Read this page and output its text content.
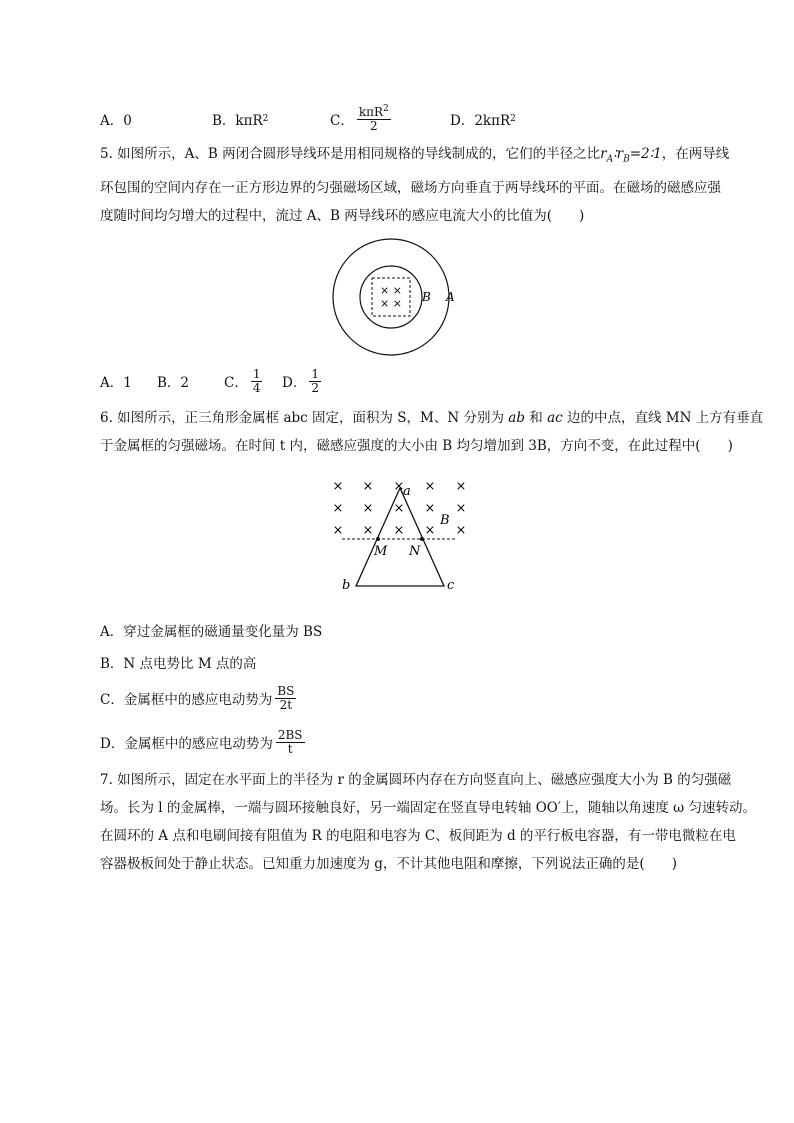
A．0	B．kπR 2	C． $\frac{k\pi R^2}{2}$	D．2kπR 2
5. 如图所示，A、B 两闭合圆形导线环是用相同规格的导线制成的，它们的半径之比$r_A∶r_B=2∶1$，在两导线
环包围的空间内存在一正方形边界的匀强磁场区域，磁场方向垂直于两导线环的平面。在磁场的磁感应强
度随时间均匀增大的过程中，流过 A、B 两导线环的感应电流大小的比值为(　　)
× ×
× × B A
A．1 B．2	C． $\frac{1}{4}$ D． $\frac{1}{2}$
6. 如图所示，正三角形金属框 abc 固定，面积为 S，M、N 分别为 ab 和 ac 边的中点，直线 MN 上方有垂直
于金属框的匀强磁场。在时间 t 内，磁感应强度的大小由 B 均匀增加到 3B，方向不变，在此过程中(　　)
× × × × ×
× × × × ×
× × × × ×
a
b	c
M N
B
A．穿过金属框的磁通量变化量为 BS
B．N 点电势比 M 点的高
C．金属框中的感应电动势为 $\frac{BS}{2t}$
D．金属框中的感应电动势为 $\frac{2BS}{t}$
7. 如图所示，固定在水平面上的半径为 r 的金属圆环内存在方向竖直向上、磁感应强度大小为 B 的匀强磁
场。长为 l 的金属棒，一端与圆环接触良好，另一端固定在竖直导电转轴 OO′上，随轴以角速度 ω 匀速转动。
在圆环的 A 点和电刷间接有阻值为 R 的电阻和电容为 C、板间距为 d 的平行板电容器，有一带电微粒在电
容器极板间处于静止状态。已知重力加速度为 g，不计其他电阻和摩擦，下列说法正确的是(　　)
